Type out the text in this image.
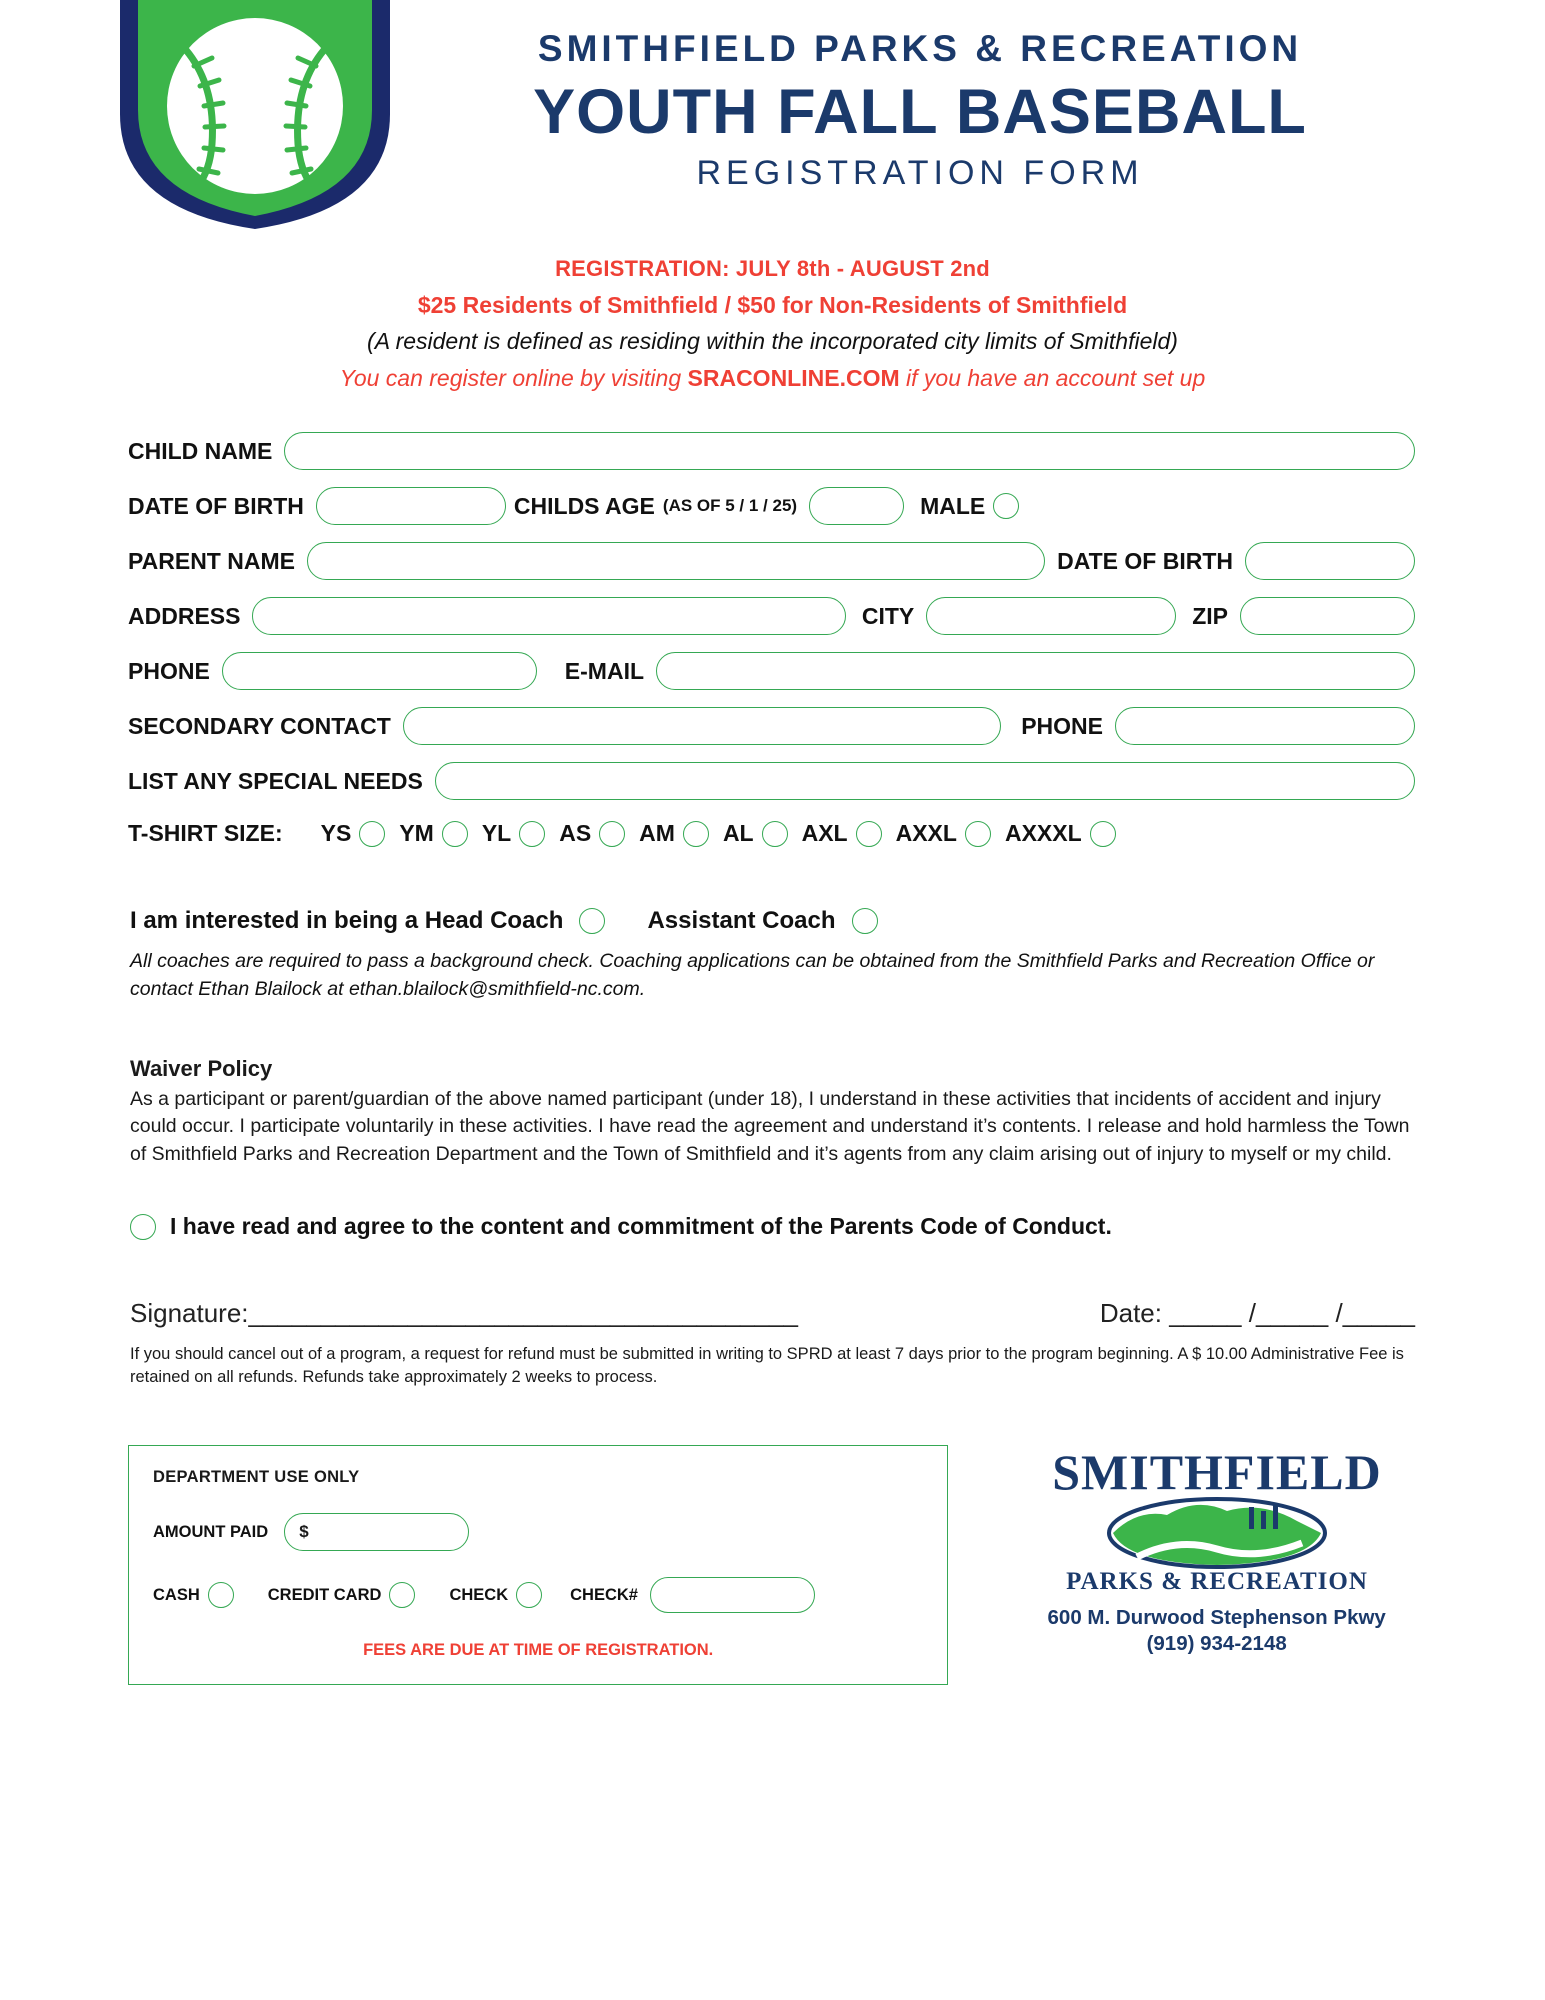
SMITHFIELD PARKS & RECREATION
YOUTH FALL BASEBALL
REGISTRATION FORM
REGISTRATION: JULY 8th - AUGUST 2nd
$25 Residents of Smithfield / $50 for Non-Residents of Smithfield
(A resident is defined as residing within the incorporated city limits of Smithfield)
You can register online by visiting SRACONLINE.COM if you have an account set up
CHILD NAME
DATE OF BIRTH	CHILDS AGE (AS OF 5 / 1 / 25)	MALE
PARENT NAME	DATE OF BIRTH
ADDRESS	CITY	ZIP
PHONE	E-MAIL
SECONDARY CONTACT	PHONE
LIST ANY SPECIAL NEEDS
T-SHIRT SIZE: YS YM YL AS AM AL AXL AXXL AXXXL
I am interested in being a Head Coach	Assistant Coach
All coaches are required to pass a background check. Coaching applications can be obtained from the Smithfield Parks and Recreation Office or contact Ethan Blailock at ethan.blailock@smithfield-nc.com.
Waiver Policy

As a participant or parent/guardian of the above named participant (under 18), I understand in these activities that incidents of accident and injury could occur. I participate voluntarily in these activities. I have read the agreement and understand it’s contents. I release and hold harmless the Town of Smithfield Parks and Recreation Department and the Town of Smithfield and it’s agents from any claim arising out of injury to myself or my child.

I have read and agree to the content and commitment of the Parents Code of Conduct.
Signature:______________________________________	Date: _____ /_____ /_____
If you should cancel out of a program, a request for refund must be submitted in writing to SPRD at least 7 days prior to the program beginning. A $ 10.00 Administrative Fee is retained on all refunds. Refunds take approximately 2 weeks to process.
DEPARTMENT USE ONLY
AMOUNT PAID	$
CASH	CREDIT CARD	CHECK	CHECK#
FEES ARE DUE AT TIME OF REGISTRATION.
SMITHFIELD
PARKS & RECREATION
600 M. Durwood Stephenson Pkwy
(919) 934-2148
